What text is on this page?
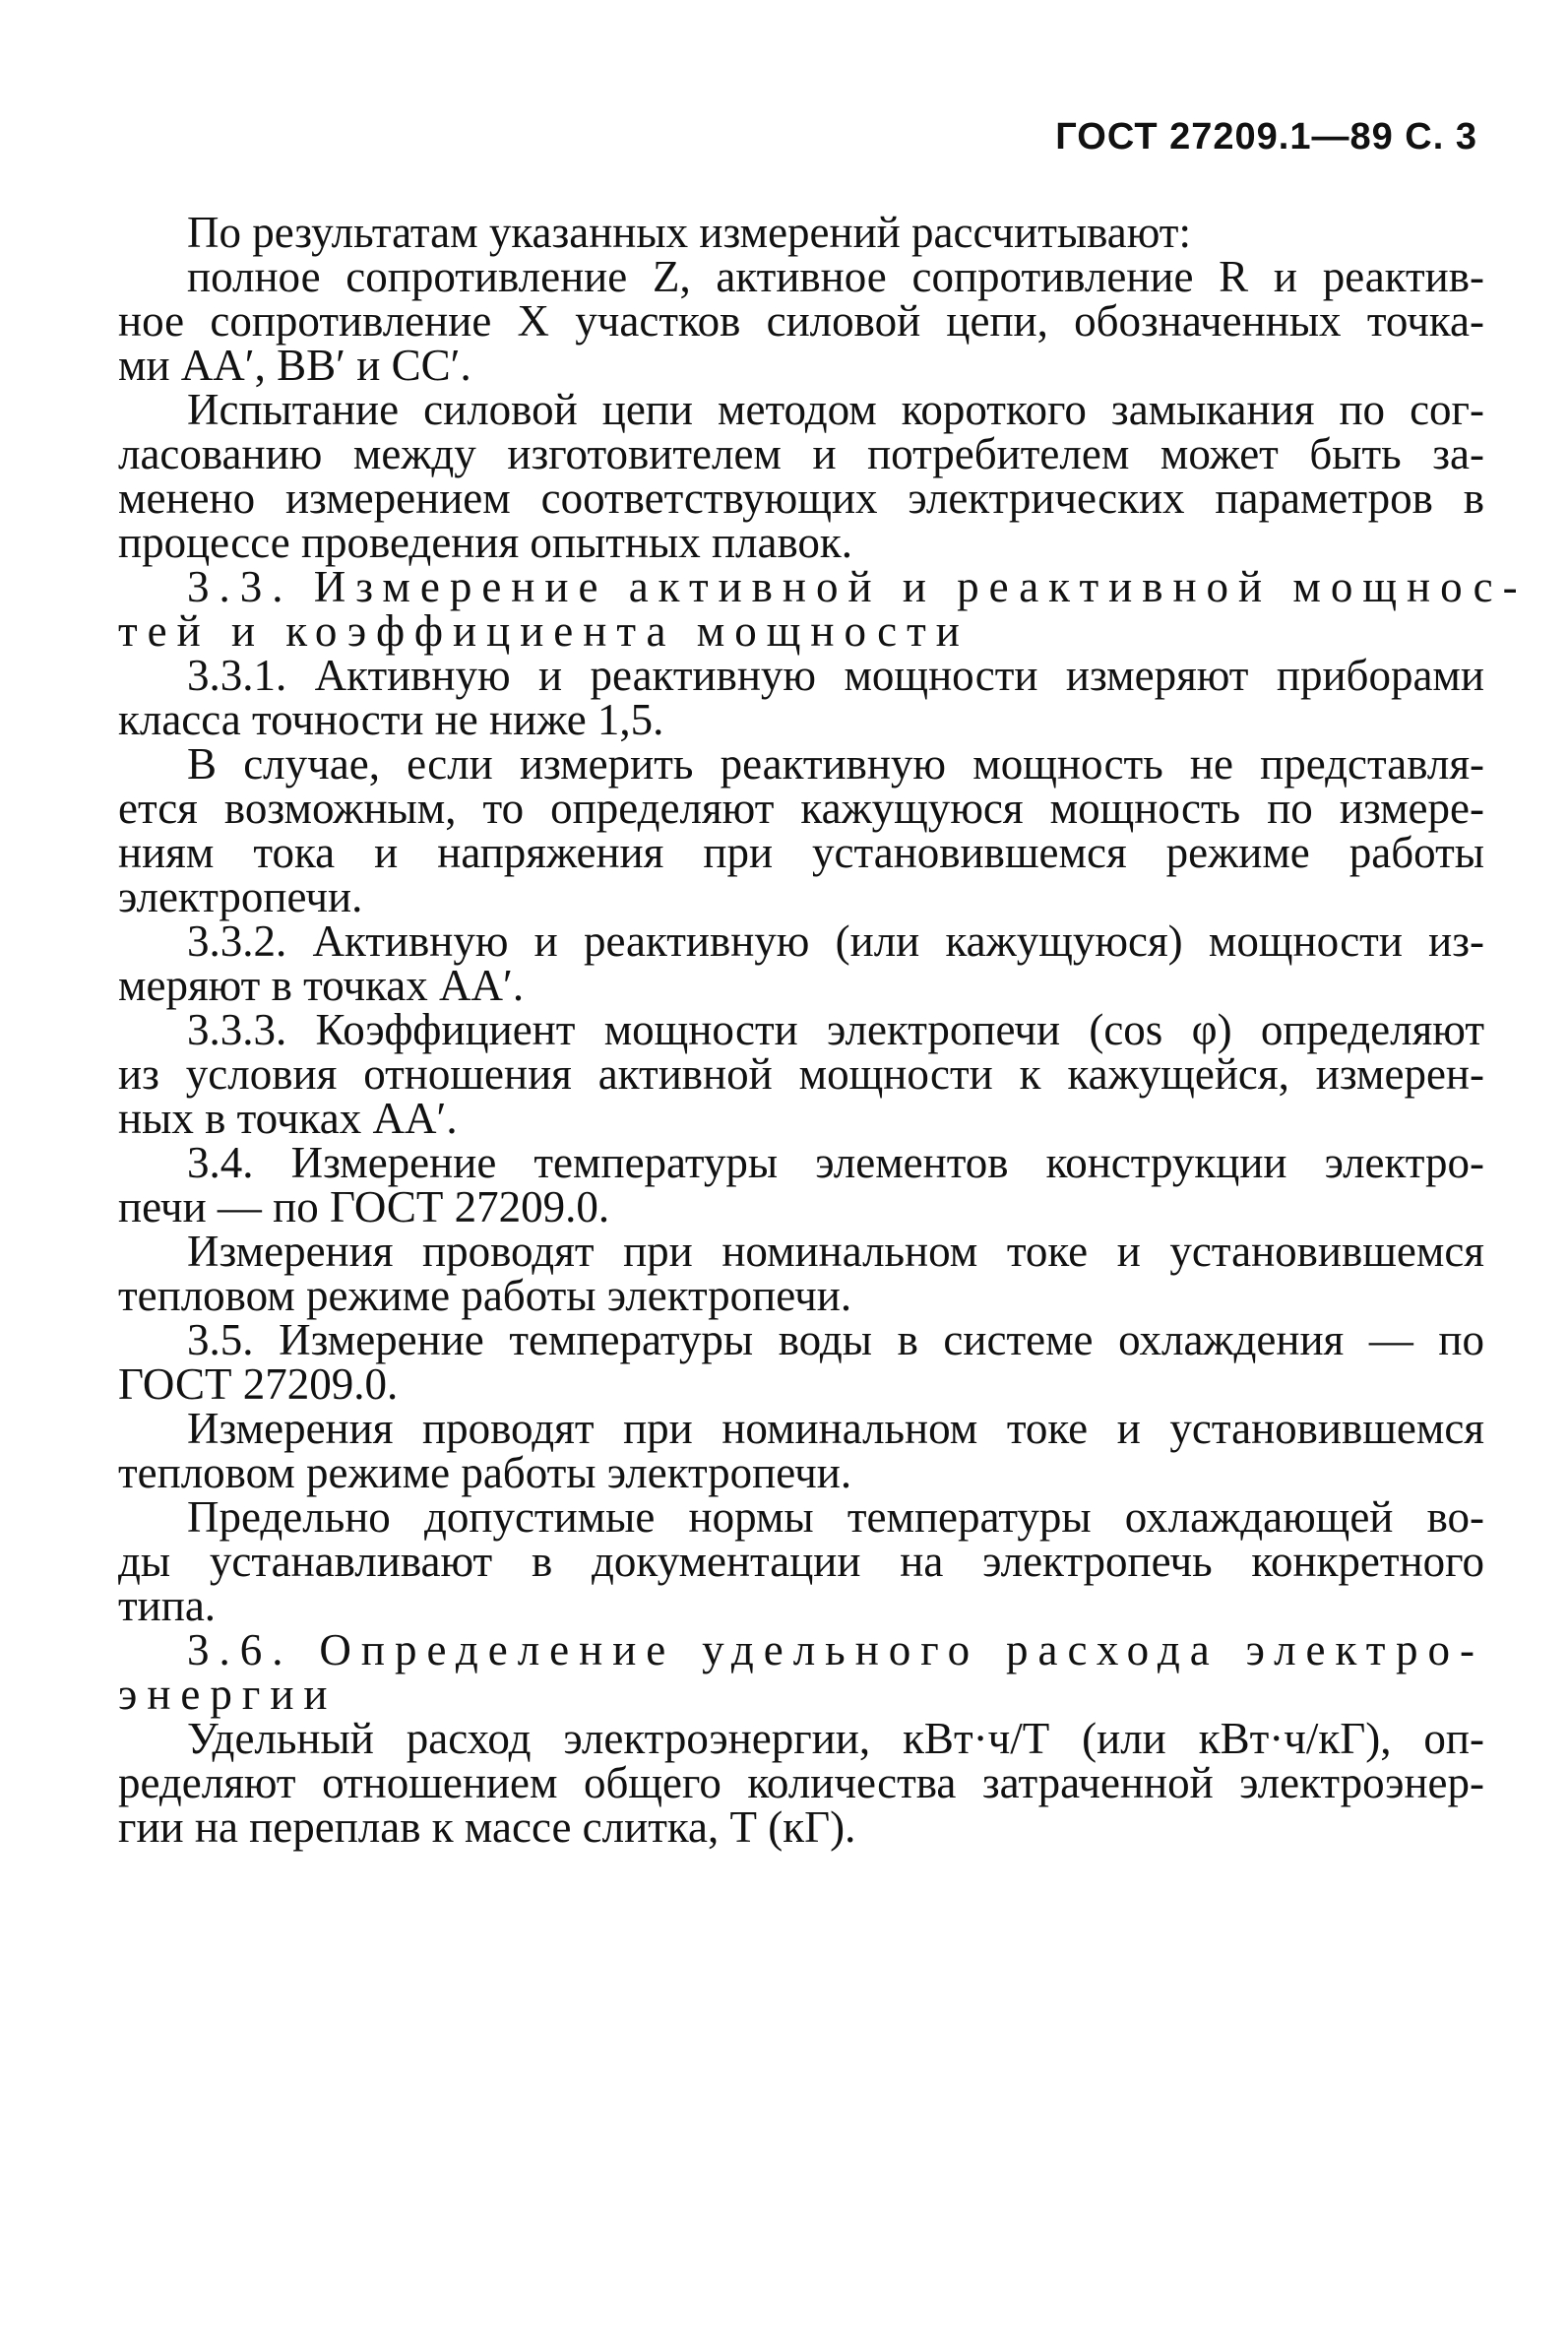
ГОСТ 27209.1—89 С. 3
По результатам указанных измерений рассчитывают:
полное сопротивление Z, активное сопротивление R и реактив-
ное сопротивление X участков силовой цепи, обозначенных точка-
ми AA′, BB′ и CC′.
Испытание силовой цепи методом короткого замыкания по сог-
ласованию между изготовителем и потребителем может быть за-
менено измерением соответствующих электрических параметров в
процессе проведения опытных плавок.
3.3. Измерение активной и реактивной мощнос-
тей и коэффициента мощности
3.3.1. Активную и реактивную мощности измеряют приборами
класса точности не ниже 1,5.
В случае, если измерить реактивную мощность не представля-
ется возможным, то определяют кажущуюся мощность по измере-
ниям тока и напряжения при установившемся режиме работы
электропечи.
3.3.2. Активную и реактивную (или кажущуюся) мощности из-
меряют в точках AA′.
3.3.3. Коэффициент мощности электропечи (cos φ) определяют
из условия отношения активной мощности к кажущейся, измерен-
ных в точках AA′.
3.4. Измерение температуры элементов конструкции электро-
печи — по ГОСТ 27209.0.
Измерения проводят при номинальном токе и установившемся
тепловом режиме работы электропечи.
3.5. Измерение температуры воды в системе охлаждения — по
ГОСТ 27209.0.
Измерения проводят при номинальном токе и установившемся
тепловом режиме работы электропечи.
Предельно допустимые нормы температуры охлаждающей во-
ды устанавливают в документации на электропечь конкретного
типа.
3.6. Определение удельного расхода электро-
энергии
Удельный расход электроэнергии, кВт·ч/Т (или кВт·ч/кГ), оп-
ределяют отношением общего количества затраченной электроэнер-
гии на переплав к массе слитка, Т (кГ).
